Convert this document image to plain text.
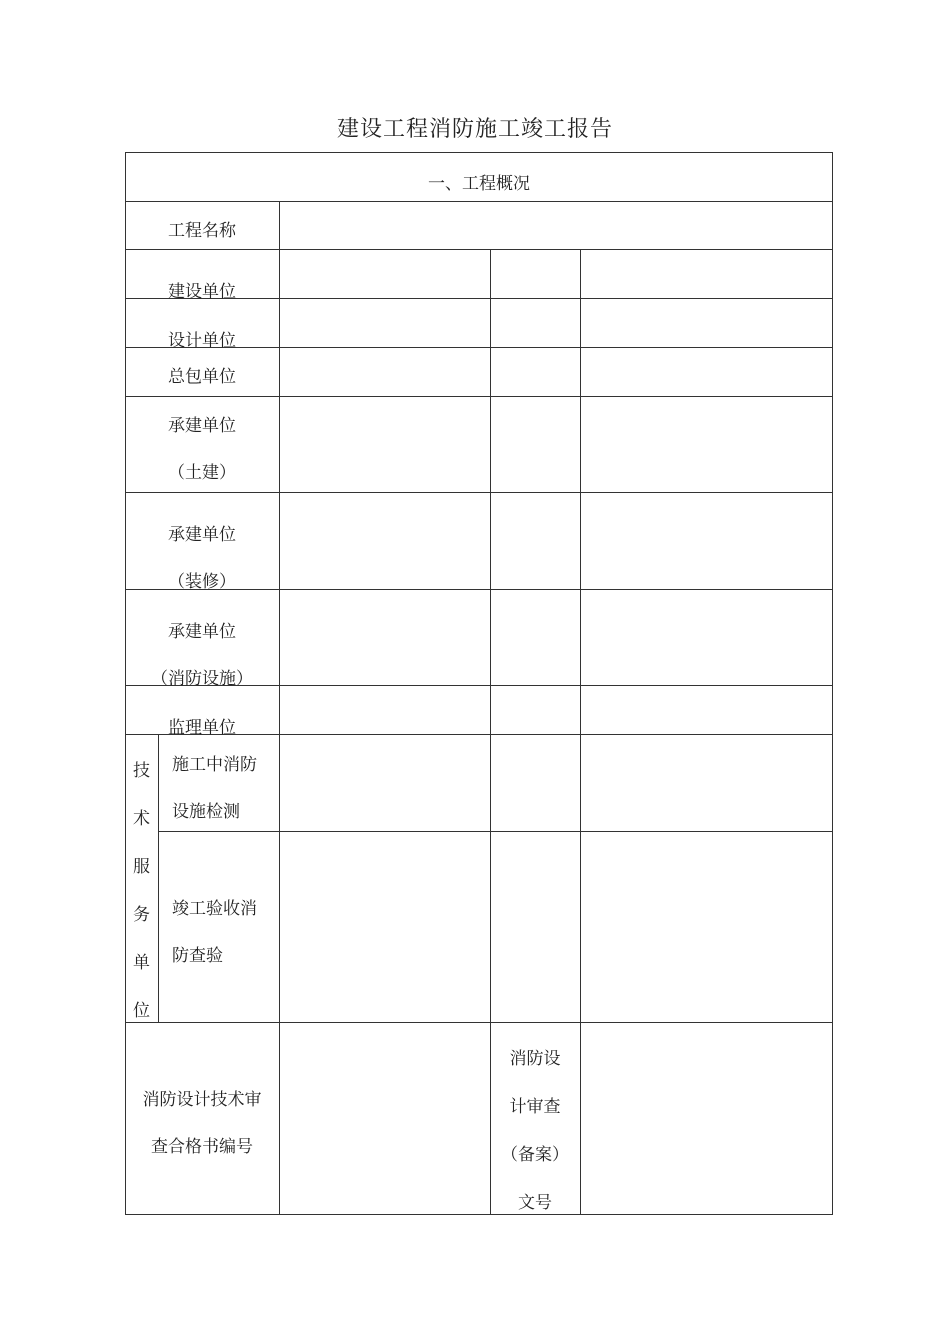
建设工程消防施工竣工报告
一、工程概况
工程名称
建设单位
设计单位
总包单位
承建单位
（土建）
承建单位
（装修）
承建单位
（消防设施）
监理单位
技
术
服
务
单
位
施工中消防
设施检测
竣工验收消
防查验
消防设计技术审
查合格书编号
消防设
计审查
（备案）
文号
